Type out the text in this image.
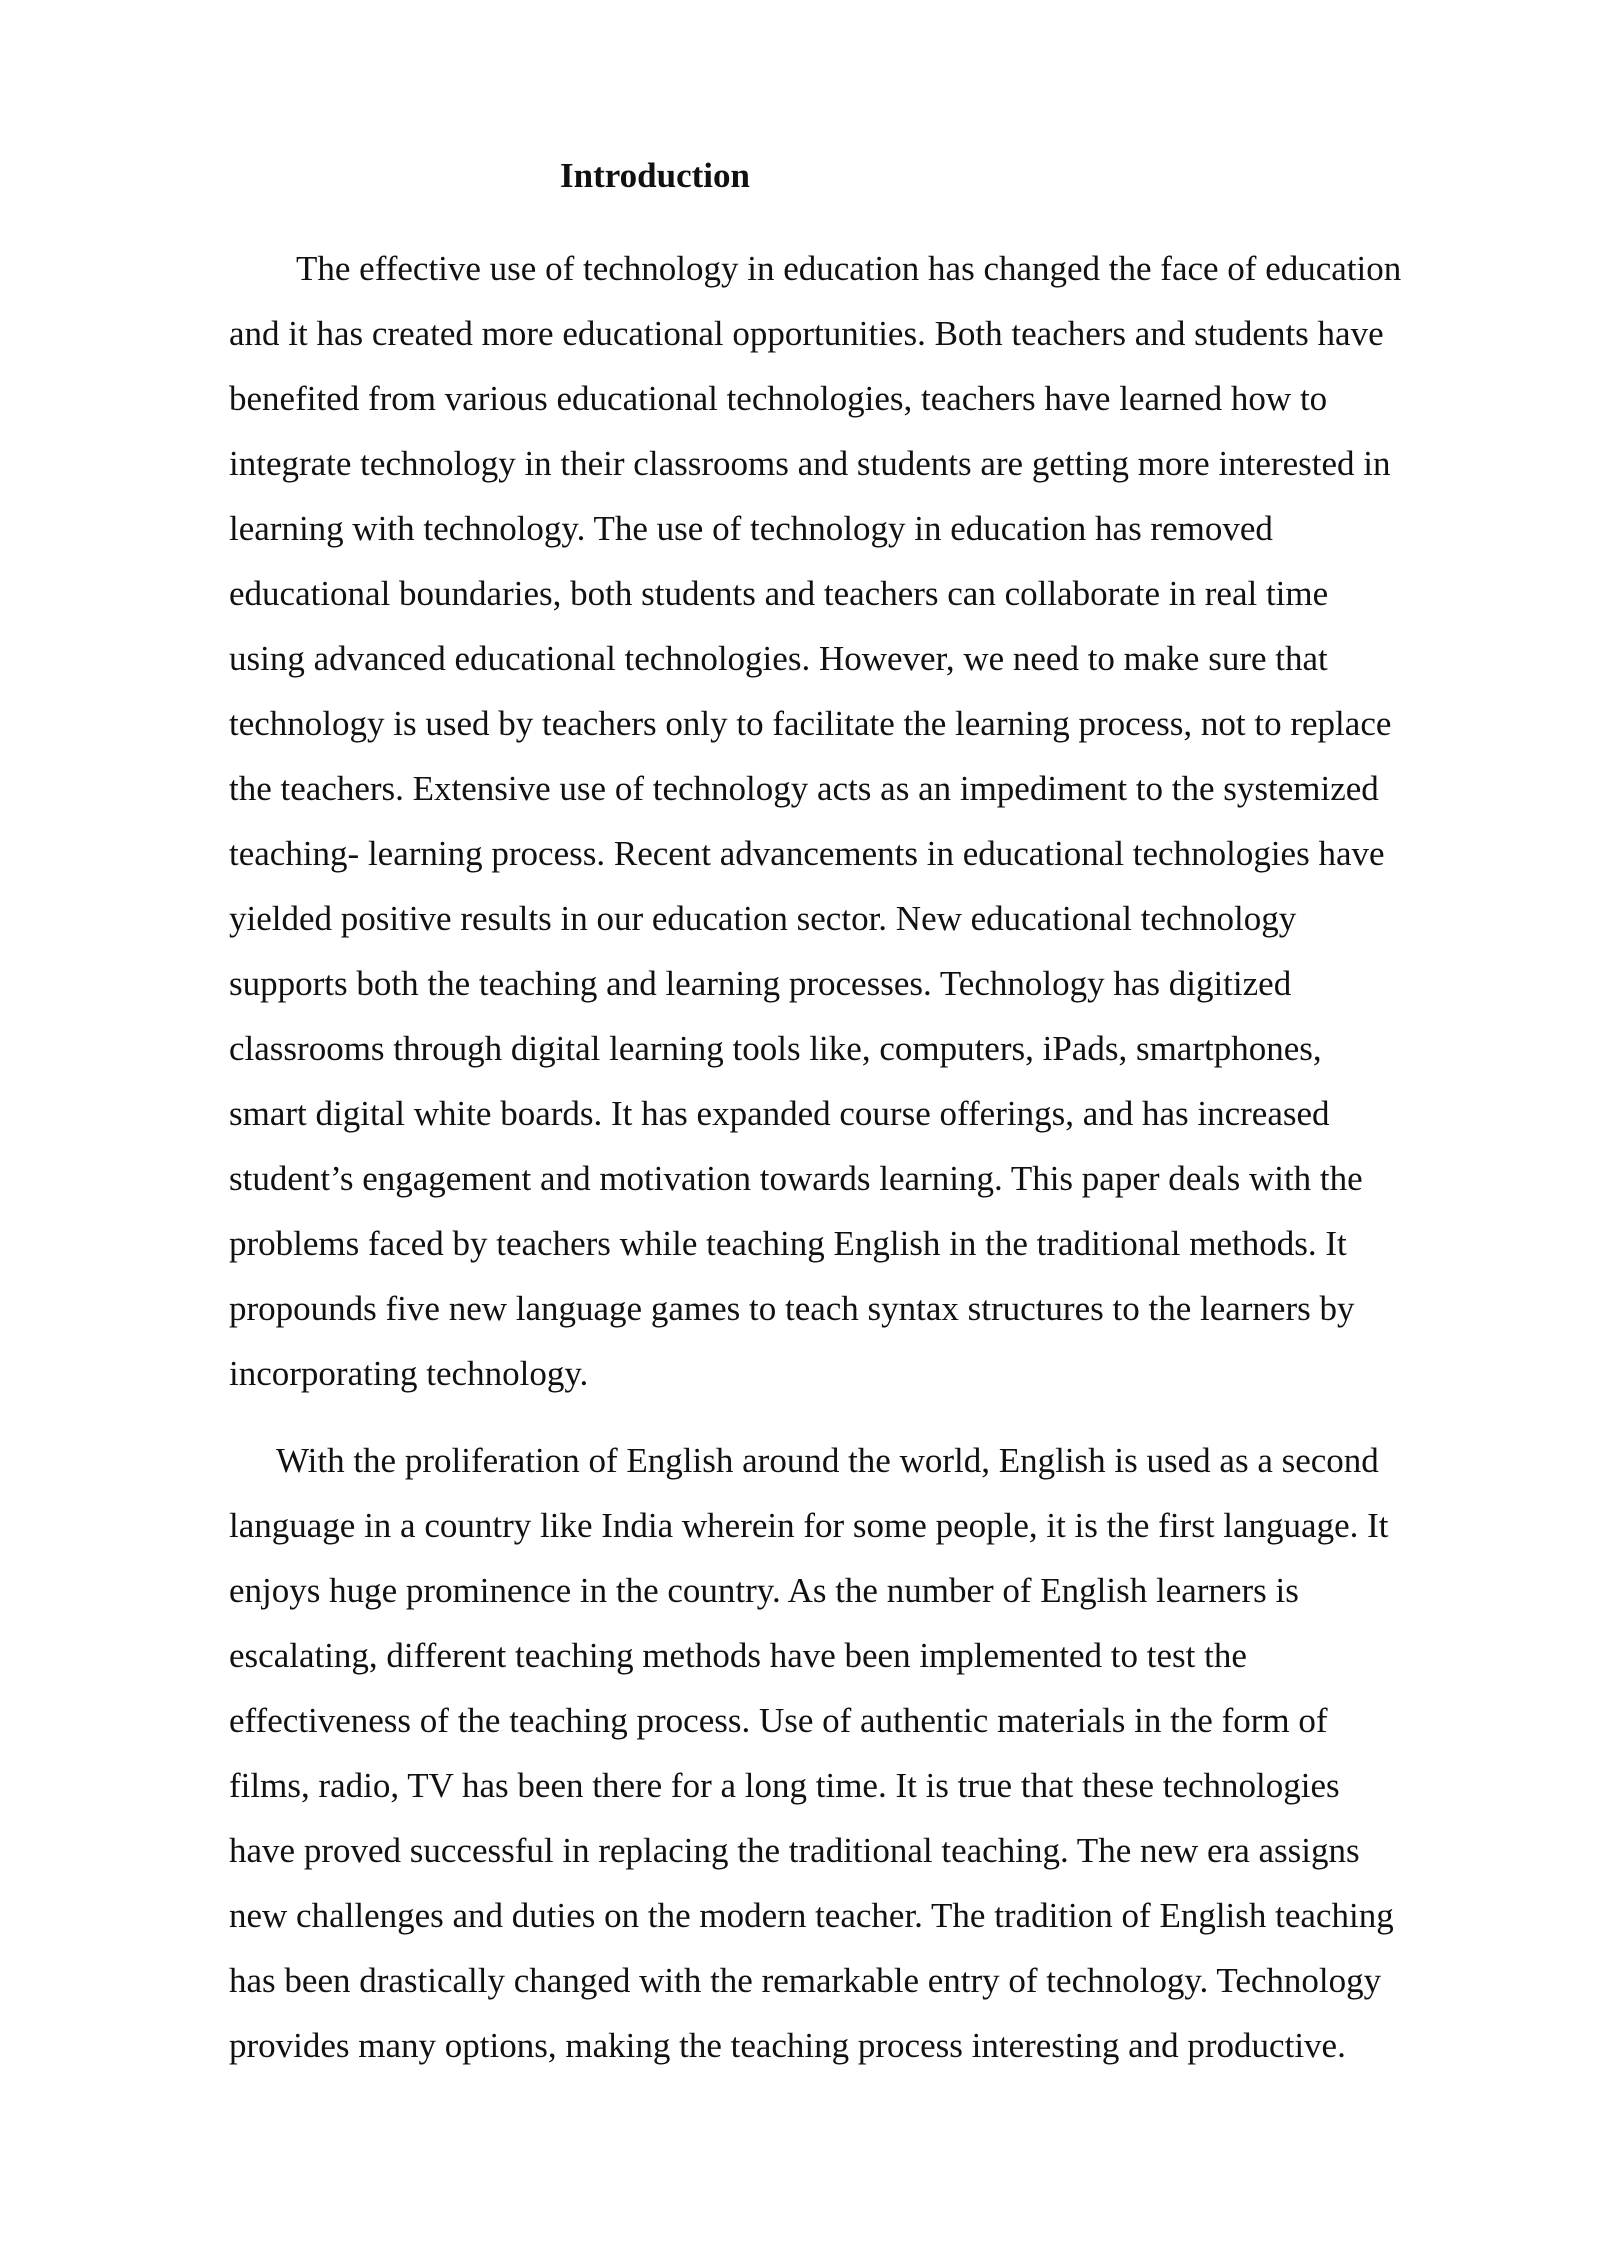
Introduction
The effective use of technology in education has changed the face of education
and it has created more educational opportunities. Both teachers and students have
benefited from various educational technologies, teachers have learned how to
integrate technology in their classrooms and students are getting more interested in
learning with technology. The use of technology in education has removed
educational boundaries, both students and teachers can collaborate in real time
using advanced educational technologies. However, we need to make sure that
technology is used by teachers only to facilitate the learning process, not to replace
the teachers. Extensive use of technology acts as an impediment to the systemized
teaching- learning process. Recent advancements in educational technologies have
yielded positive results in our education sector. New educational technology
supports both the teaching and learning processes. Technology has digitized
classrooms through digital learning tools like, computers, iPads, smartphones,
smart digital white boards. It has expanded course offerings, and has increased
student’s engagement and motivation towards learning. This paper deals with the
problems faced by teachers while teaching English in the traditional methods. It
propounds five new language games to teach syntax structures to the learners by
incorporating technology.
With the proliferation of English around the world, English is used as a second
language in a country like India wherein for some people, it is the first language. It
enjoys huge prominence in the country. As the number of English learners is
escalating, different teaching methods have been implemented to test the
effectiveness of the teaching process. Use of authentic materials in the form of
films, radio, TV has been there for a long time. It is true that these technologies
have proved successful in replacing the traditional teaching. The new era assigns
new challenges and duties on the modern teacher. The tradition of English teaching
has been drastically changed with the remarkable entry of technology. Technology
provides many options, making the teaching process interesting and productive.
